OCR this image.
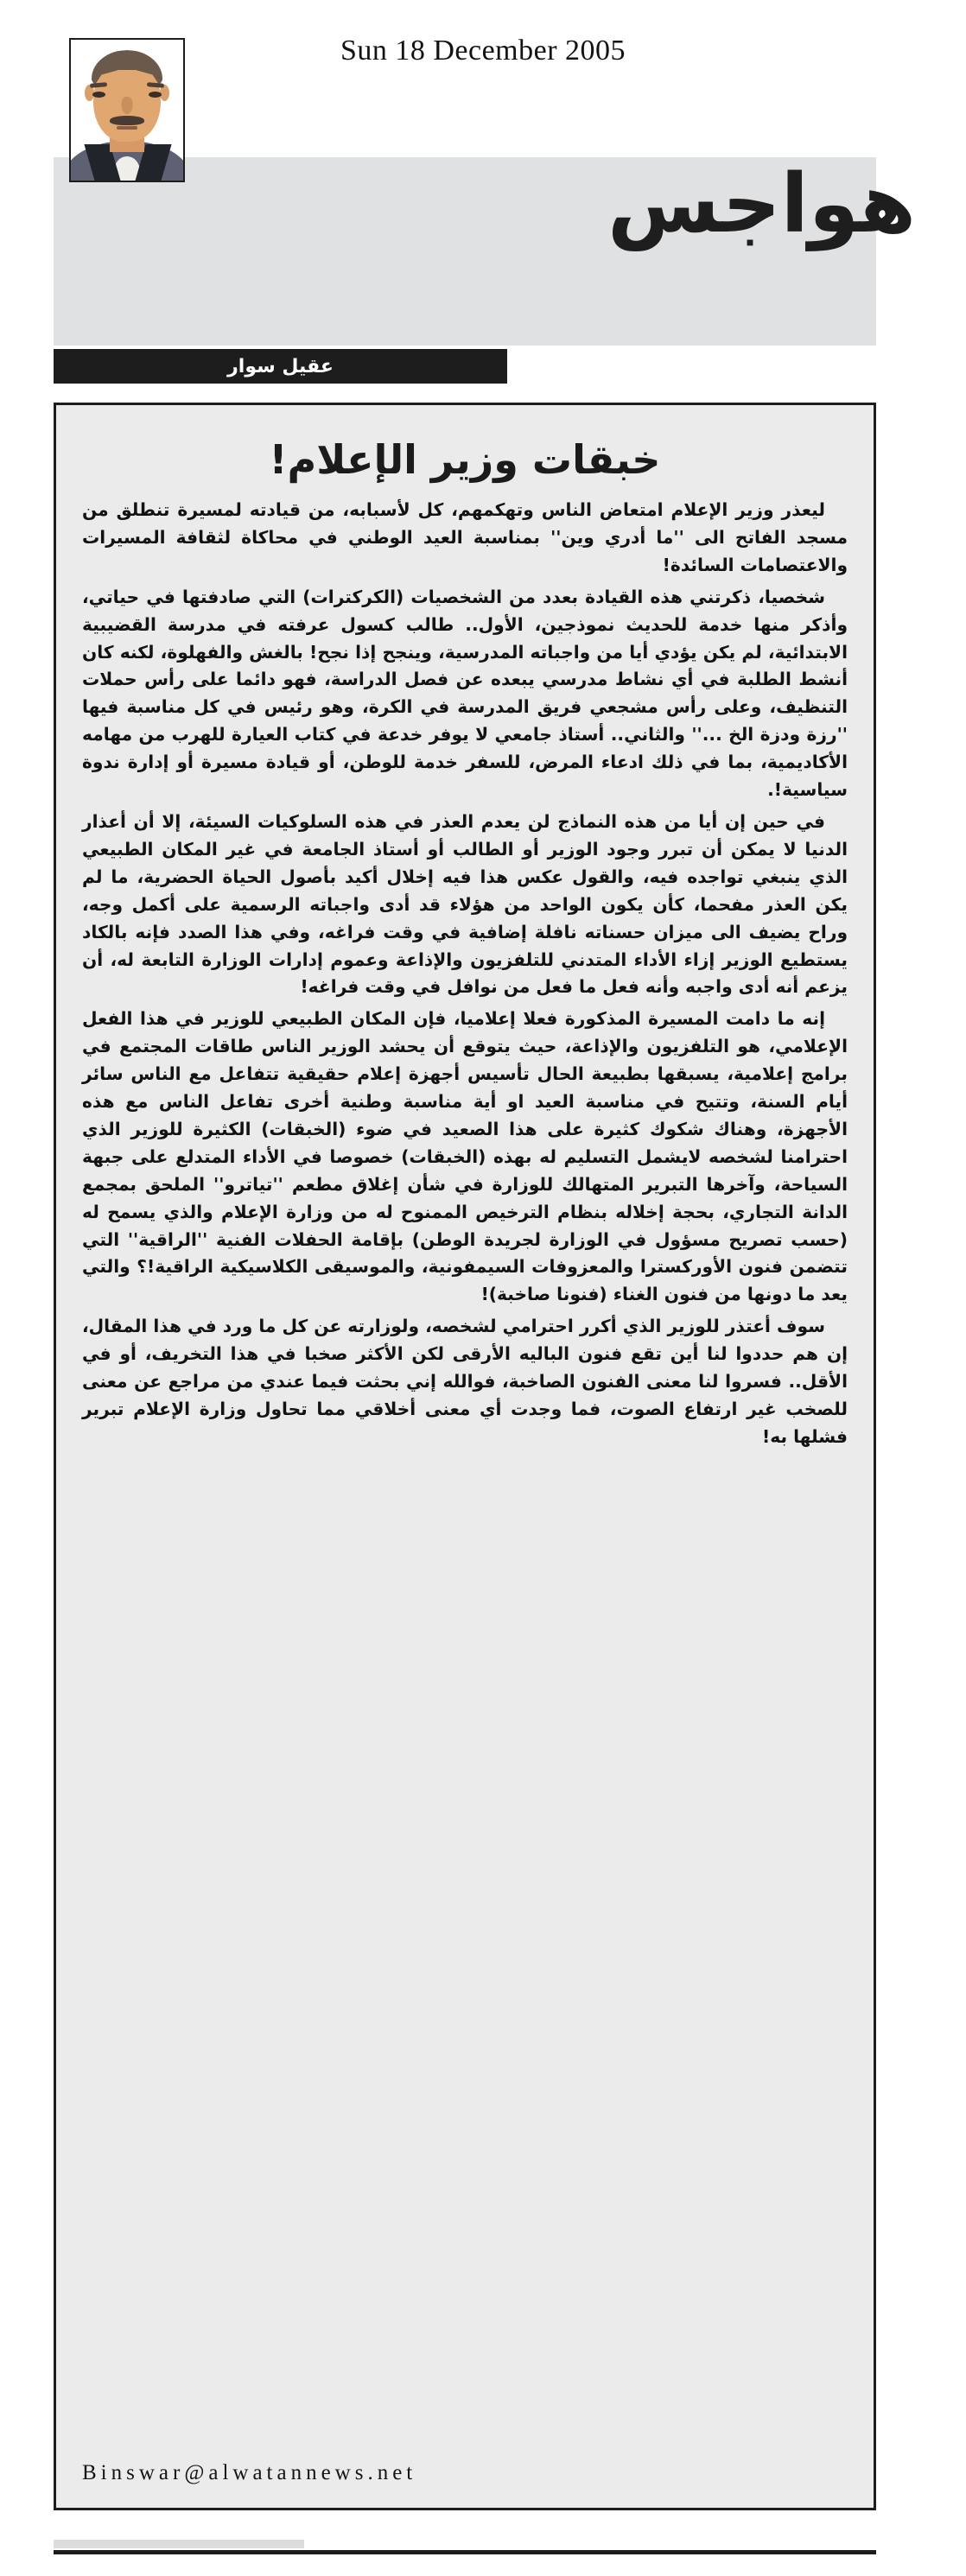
Sun 18 December 2005
هواجس
عقيل سوار
خبقات وزير الإعلام!

ليعذر وزير الإعلام امتعاض الناس وتهكمهم، كل لأسبابه، من قيادته لمسيرة تنطلق من مسجد الفاتح الى ''ما أدري وين'' بمناسبة العيد الوطني في محاكاة لثقافة المسيرات والاعتصامات السائدة!

شخصيا، ذكرتني هذه القيادة بعدد من الشخصيات (الكركترات) التي صادفتها في حياتي، وأذكر منها خدمة للحديث نموذجين، الأول.. طالب كسول عرفته في مدرسة القضيبية الابتدائية، لم يكن يؤدي أيا من واجباته المدرسية، وينجح إذا نجح! بالغش والفهلوة، لكنه كان أنشط الطلبة في أي نشاط مدرسي يبعده عن فصل الدراسة، فهو دائما على رأس حملات التنظيف، وعلى رأس مشجعي فريق المدرسة في الكرة، وهو رئيس في كل مناسبة فيها ''رزة ودزة الخ ...'' والثاني.. أستاذ جامعي لا يوفر خدعة في كتاب العيارة للهرب من مهامه الأكاديمية، بما في ذلك ادعاء المرض، للسفر خدمة للوطن، أو قيادة مسيرة أو إدارة ندوة سياسية!.

في حين إن أيا من هذه النماذج لن يعدم العذر في هذه السلوكيات السيئة، إلا أن أعذار الدنيا لا يمكن أن تبرر وجود الوزير أو الطالب أو أستاذ الجامعة في غير المكان الطبيعي الذي ينبغي تواجده فيه، والقول عكس هذا فيه إخلال أكيد بأصول الحياة الحضرية، ما لم يكن العذر مفحما، كأن يكون الواحد من هؤلاء قد أدى واجباته الرسمية على أكمل وجه، وراح يضيف الى ميزان حسناته نافلة إضافية في وقت فراغه، وفي هذا الصدد فإنه بالكاد يستطيع الوزير إزاء الأداء المتدني للتلفزيون والإذاعة وعموم إدارات الوزارة التابعة له، أن يزعم أنه أدى واجبه وأنه فعل ما فعل من نوافل في وقت فراغه!

إنه ما دامت المسيرة المذكورة فعلا إعلاميا، فإن المكان الطبيعي للوزير في هذا الفعل الإعلامي، هو التلفزيون والإذاعة، حيث يتوقع أن يحشد الوزير الناس طاقات المجتمع في برامج إعلامية، يسبقها بطبيعة الحال تأسيس أجهزة إعلام حقيقية تتفاعل مع الناس سائر أيام السنة، وتتيح في مناسبة العيد او أية مناسبة وطنية أخرى تفاعل الناس مع هذه الأجهزة، وهناك شكوك كثيرة على هذا الصعيد في ضوء (الخبقات) الكثيرة للوزير الذي احترامنا لشخصه لايشمل التسليم له بهذه (الخبقات) خصوصا في الأداء المتدلع على جبهة السياحة، وآخرها التبرير المتهالك للوزارة في شأن إغلاق مطعم ''تياترو'' الملحق بمجمع الدانة التجاري، بحجة إخلاله بنظام الترخيص الممنوح له من وزارة الإعلام والذي يسمح له (حسب تصريح مسؤول في الوزارة لجريدة الوطن) بإقامة الحفلات الفنية ''الراقية'' التي تتضمن فنون الأوركسترا والمعزوفات السيمفونية، والموسيقى الكلاسيكية الراقية!؟ والتي يعد ما دونها من فنون الغناء (فنونا صاخبة)!

سوف أعتذر للوزير الذي أكرر احترامي لشخصه، ولوزارته عن كل ما ورد في هذا المقال، إن هم حددوا لنا أين تقع فنون الباليه الأرقى لكن الأكثر صخبا في هذا التخريف، أو في الأقل.. فسروا لنا معنى الفنون الصاخبة، فوالله إني بحثت فيما عندي من مراجع عن معنى للصخب غير ارتفاع الصوت، فما وجدت أي معنى أخلاقي مما تحاول وزارة الإعلام تبرير فشلها به!

Binswar@alwatannews.net
